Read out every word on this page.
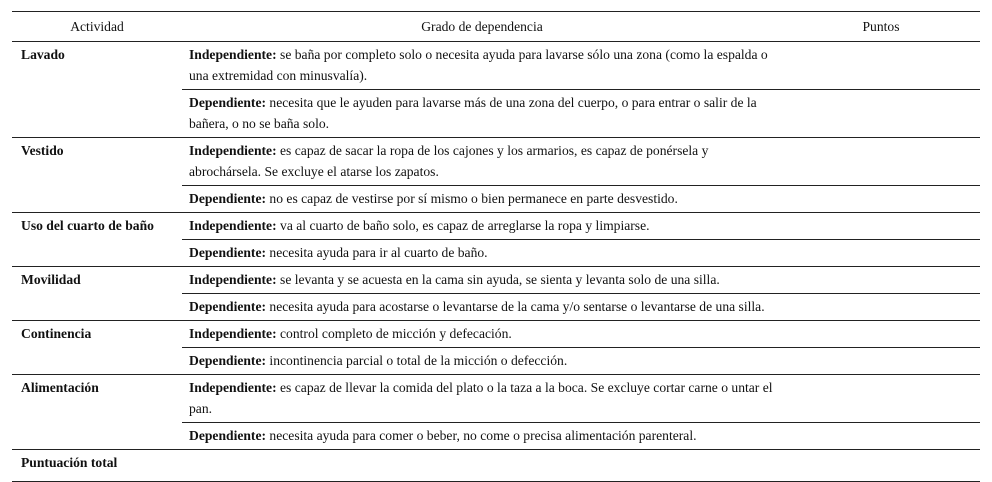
Actividad	Grado de dependencia	Puntos
Lavado	Independiente: se baña por completo solo o necesita ayuda para lavarse sólo una zona (como la espalda o una extremidad con minusvalía).	
	Dependiente: necesita que le ayuden para lavarse más de una zona del cuerpo, o para entrar o salir de la bañera, o no se baña solo.	
Vestido	Independiente: es capaz de sacar la ropa de los cajones y los armarios, es capaz de ponérsela y abrochársela. Se excluye el atarse los zapatos.	
	Dependiente: no es capaz de vestirse por sí mismo o bien permanece en parte desvestido.	
Uso del cuarto de baño	Independiente: va al cuarto de baño solo, es capaz de arreglarse la ropa y limpiarse.	
	Dependiente: necesita ayuda para ir al cuarto de baño.	
Movilidad	Independiente: se levanta y se acuesta en la cama sin ayuda, se sienta y levanta solo de una silla.	
	Dependiente: necesita ayuda para acostarse o levantarse de la cama y/o sentarse o levantarse de una silla.	
Continencia	Independiente: control completo de micción y defecación.	
	Dependiente: incontinencia parcial o total de la micción o defección.	
Alimentación	Independiente: es capaz de llevar la comida del plato o la taza a la boca. Se excluye cortar carne o untar el pan.	
	Dependiente: necesita ayuda para comer o beber, no come o precisa alimentación parenteral.	
Puntuación total		
